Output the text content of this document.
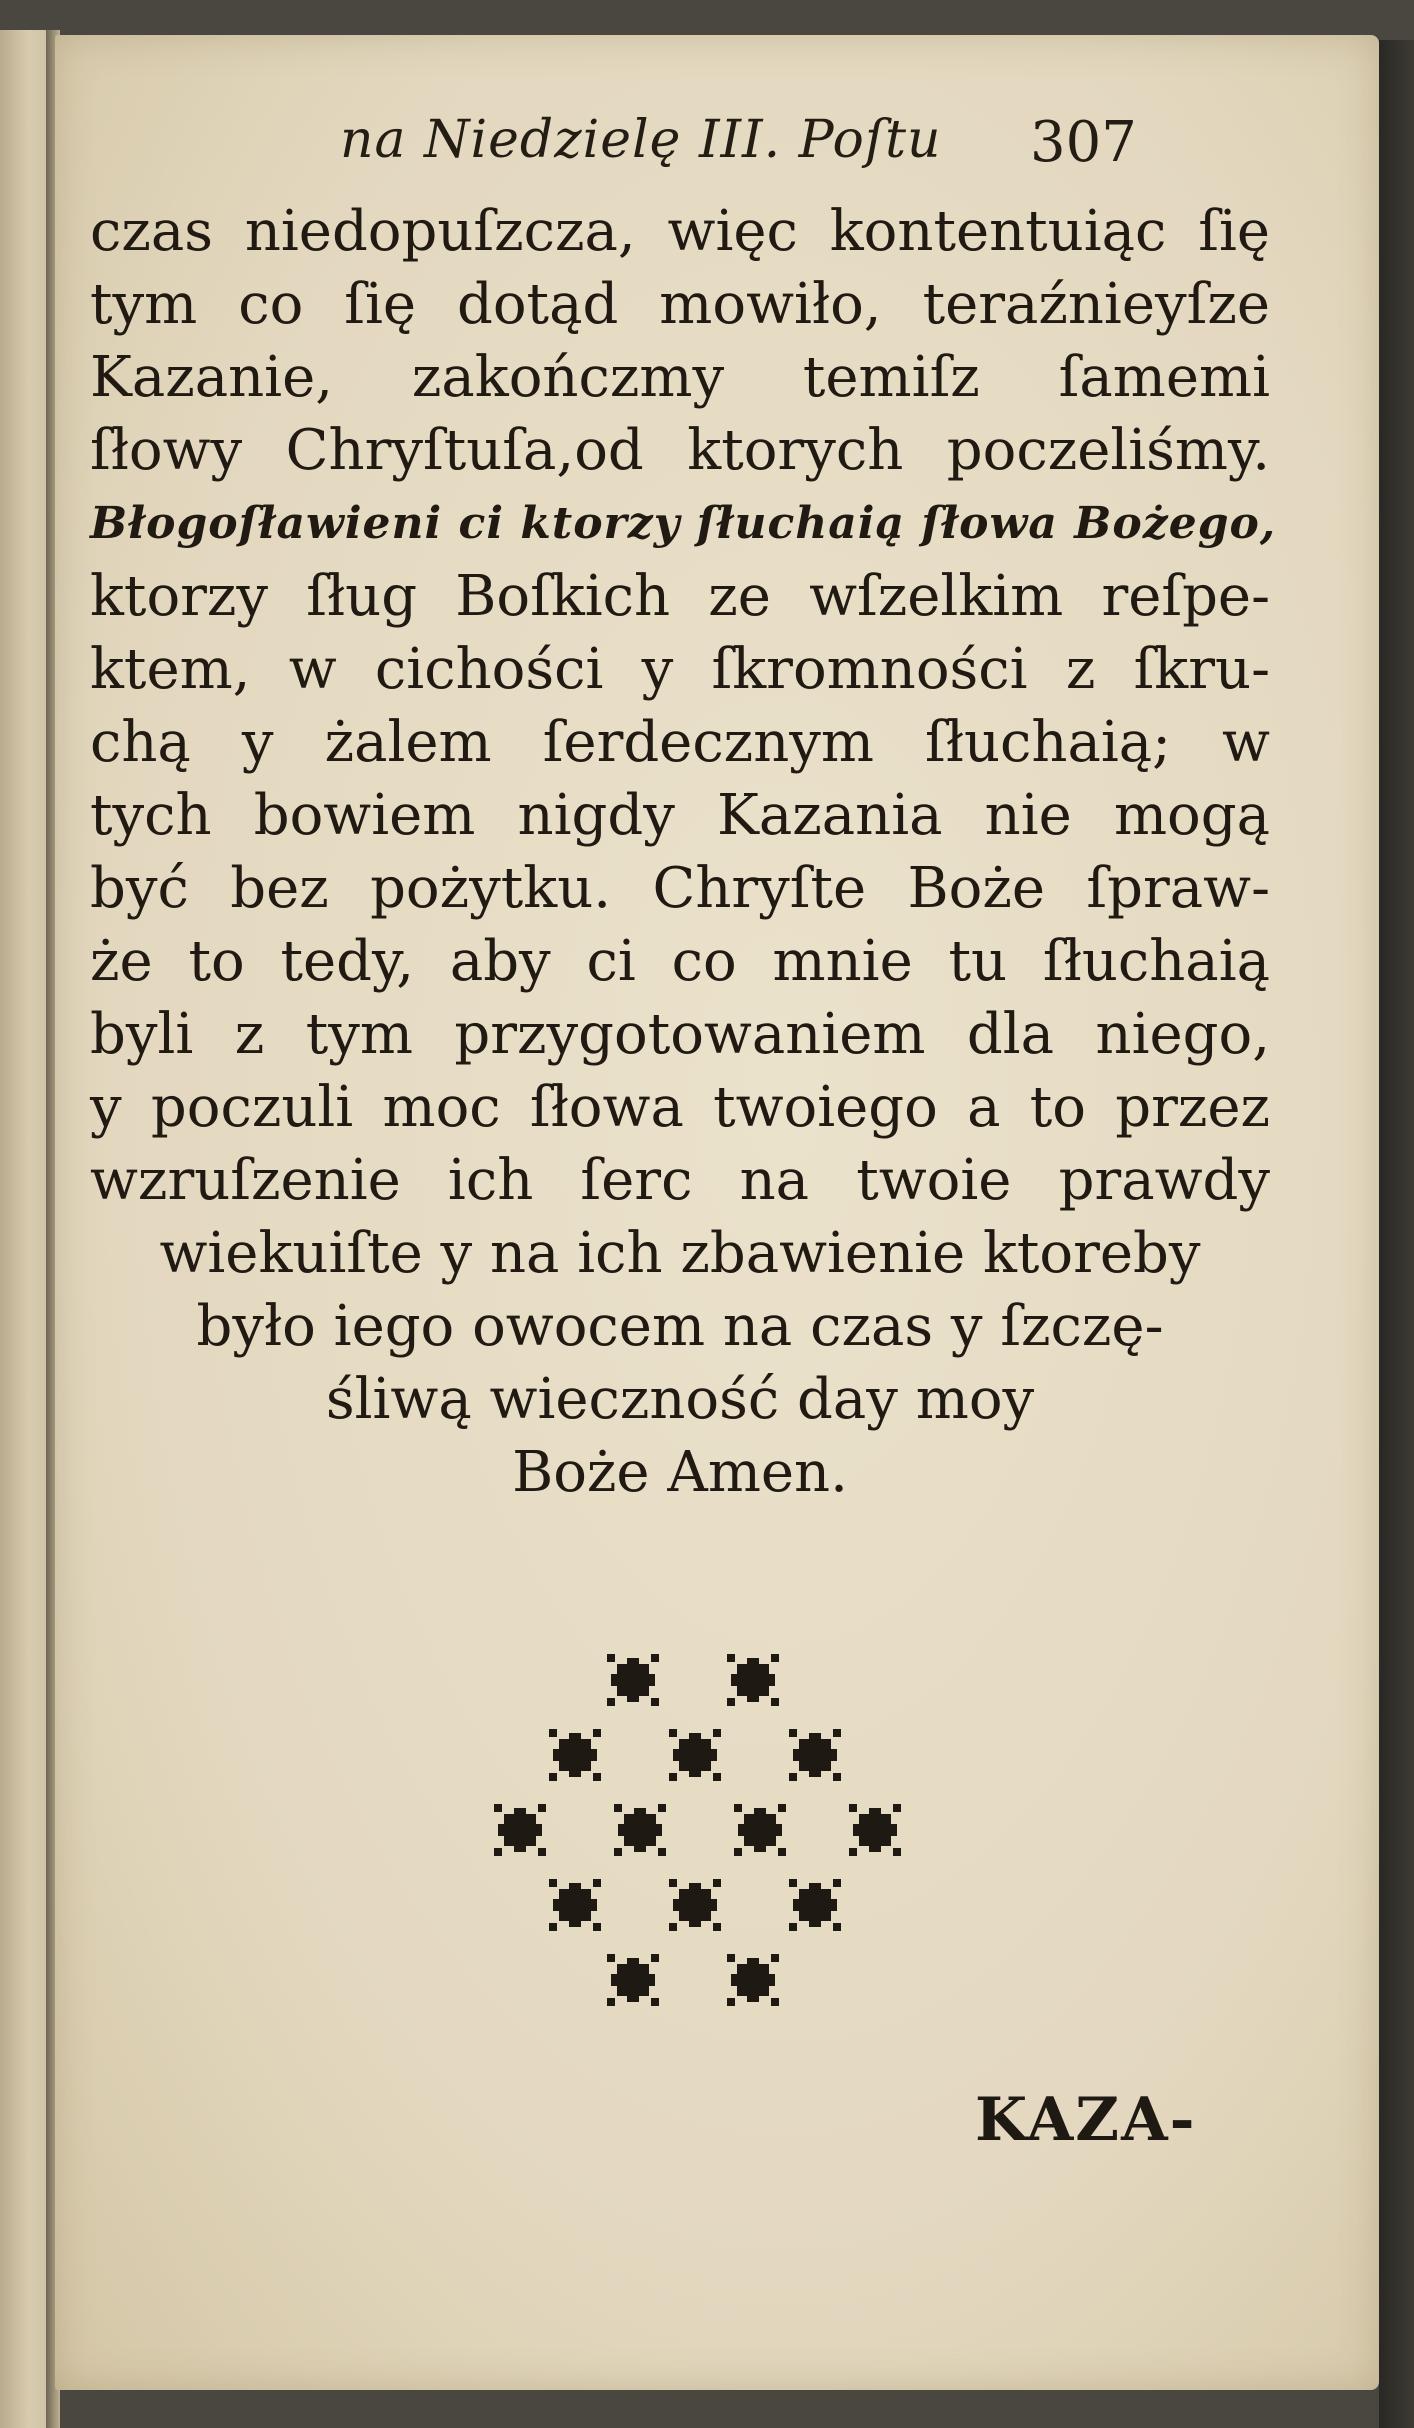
na Niedzielę III. Poſtu 307
czas niedopuſzcza, więc kontentuiąc ſię
tym co ſię dotąd mowiło, teraźnieyſze
Kazanie, zakończmy temiſz ſamemi
ſłowy Chryſtuſa,od ktorych poczeliśmy.
Błogoſławieni ci ktorzy ſłuchaią ſłowa Bożego,
ktorzy ſług Boſkich ze wſzelkim reſpe-
ktem, w cichości y ſkromności z ſkru-
chą y żalem ſerdecznym ſłuchaią; w
tych bowiem nigdy Kazania nie mogą
być bez pożytku. Chryſte Boże ſpraw-
że to tedy, aby ci co mnie tu ſłuchaią
byli z tym przygotowaniem dla niego,
y poczuli moc ſłowa twoiego a to przez
wzruſzenie ich ſerc na twoie prawdy
wiekuiſte y na ich zbawienie ktoreby
było iego owocem na czas y ſzczę-
śliwą wieczność day moy
Boże Amen.
KAZA-
